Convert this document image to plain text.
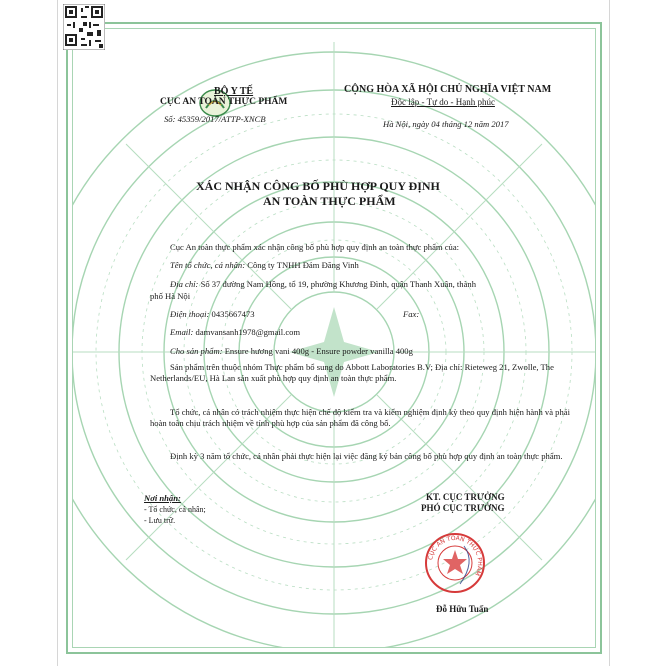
BỘ Y TẾ
CỤC AN TOÀN THỰC PHẨM
Số: 45359/2017/ATTP-XNCB
CỘNG HÒA XÃ HỘI CHỦ NGHĨA VIỆT NAM
Độc lập - Tự do - Hạnh phúc
Hà Nội, ngày 04 tháng 12 năm 2017
XÁC NHẬN CÔNG BỐ PHÙ HỢP QUY ĐỊNH
AN TOÀN THỰC PHẨM
Cục An toàn thực phẩm xác nhận công bố phù hợp quy định an toàn thực phẩm của:
Tên tổ chức, cá nhân: Công ty TNHH Đảm Đăng Vinh
Địa chỉ: Số 37 đường Nam Hồng, tổ 19, phường Khương Đình, quận Thanh Xuân, thành
phố Hà Nội
Điện thoại: 0435667473	Fax:
Email: damvansanh1978@gmail.com
Cho sản phẩm: Ensure hương vani 400g - Ensure powder vanilla 400g
Sản phẩm trên thuộc nhóm Thực phẩm bổ sung do Abbott Laboratories B.V; Địa chỉ: Rieteweg 21, Zwolle, The Netherlands/EU, Hà Lan sản xuất phù hợp quy định an toàn thực phẩm.
Tổ chức, cá nhân có trách nhiệm thực hiện chế độ kiểm tra và kiểm nghiệm định kỳ theo quy định hiện hành và phải hoàn toàn chịu trách nhiệm về tính phù hợp của sản phẩm đã công bố.
Định kỳ 3 năm tổ chức, cá nhân phải thực hiện lại việc đăng ký bản công bố phù hợp quy định an toàn thực phẩm.
Nơi nhận:
- Tổ chức, cá nhân;
- Lưu trữ.
KT. CỤC TRƯỞNG
PHÓ CỤC TRƯỞNG
CỤC AN TOÀN THỰC PHẨM
Đỗ Hữu Tuấn
